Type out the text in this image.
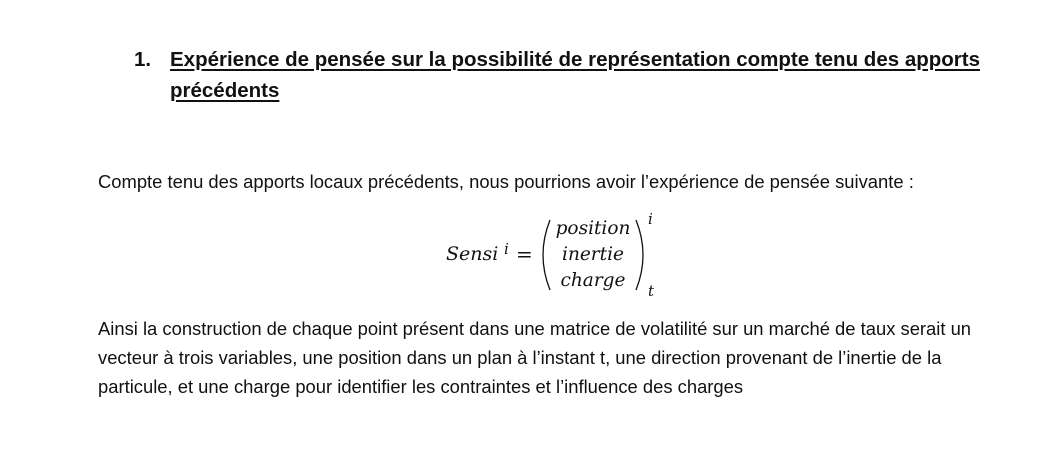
1. Expérience de pensée sur la possibilité de représentation compte tenu des apports précédents

Compte tenu des apports locaux précédents, nous pourrions avoir l’expérience de pensée suivante :

Sensi i =
position
inertie
charge
i
t

Ainsi la construction de chaque point présent dans une matrice de volatilité sur un marché de taux serait un vecteur à trois variables, une position dans un plan à l’instant t, une direction provenant de l’inertie de la particule, et une charge pour identifier les contraintes et l’influence des charges
